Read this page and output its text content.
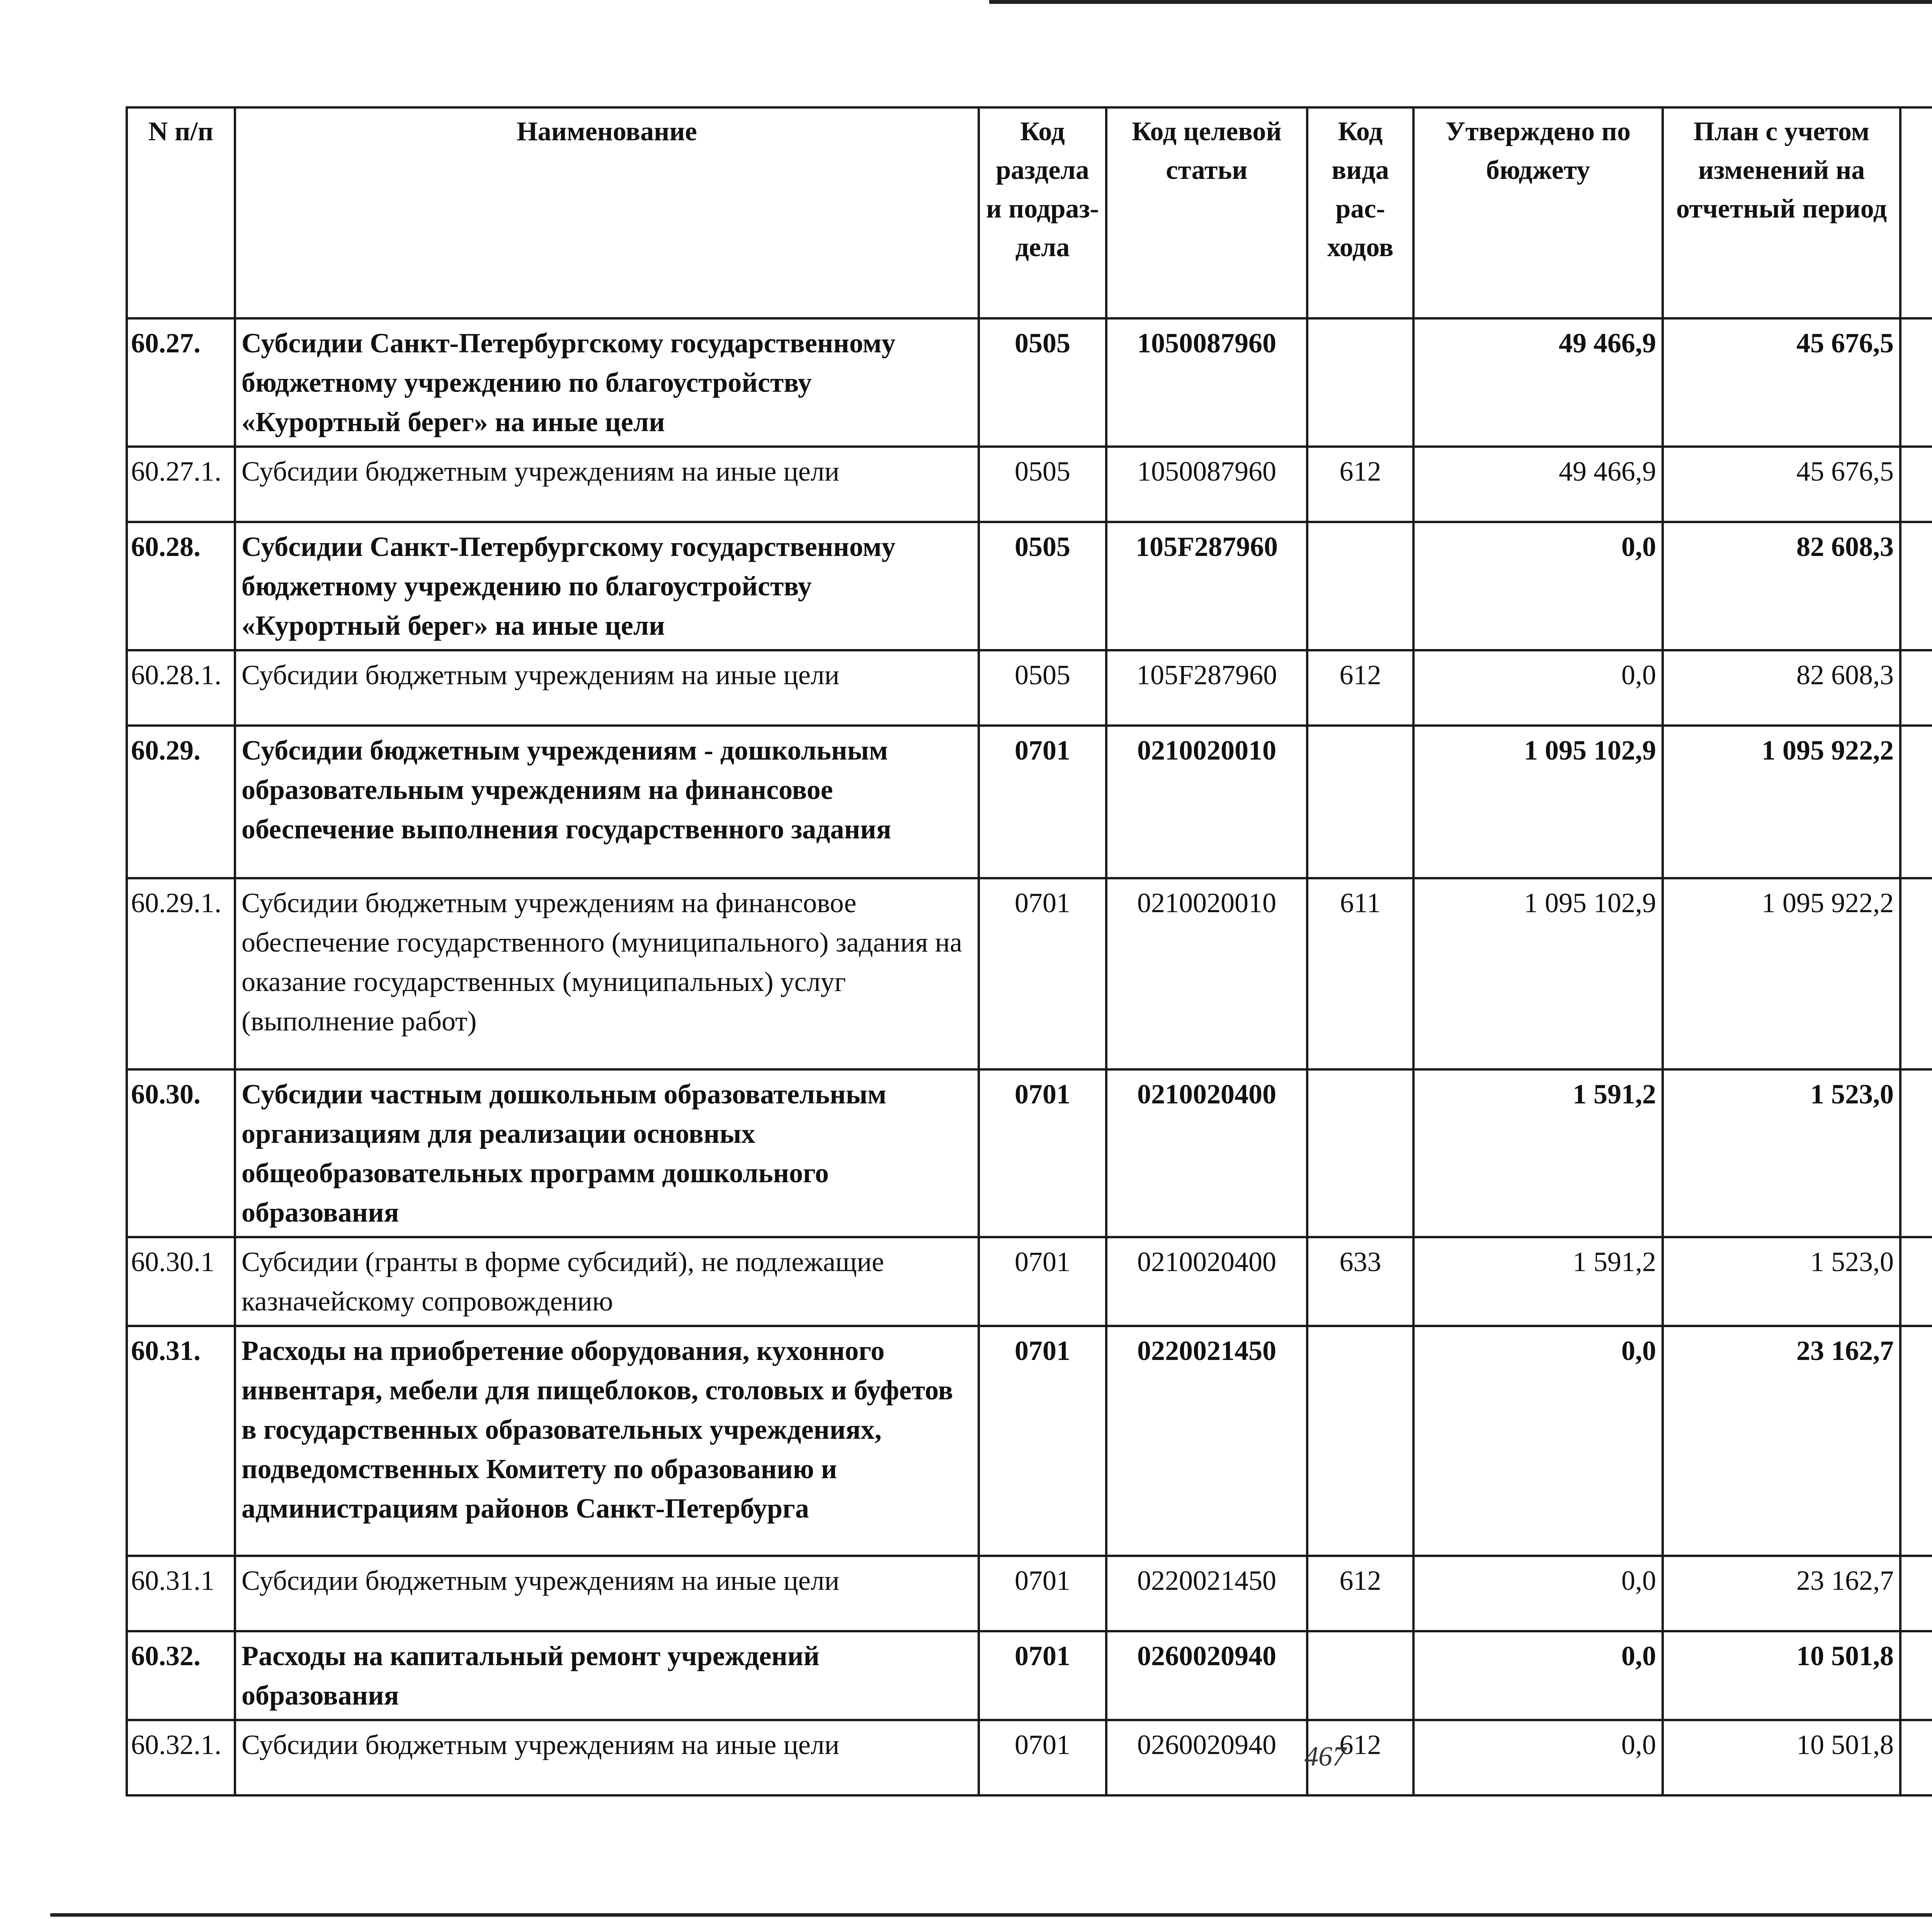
N п/п	Наименование	Код раздела и подраз- дела	Код целевой статьи	Код вида рас- ходов	Утверждено по бюджету	План с учетом изменений на отчетный период		

60.27.	Субсидии Санкт-Петербургскому государственному бюджетному учреждению по благоустройству «Курортный берег» на иные цели	0505	1050087960		49 466,9	45 676,5			
60.27.1.	Субсидии бюджетным учреждениям на иные цели	0505	1050087960	612	49 466,9	45 676,5			
60.28.	Субсидии Санкт-Петербургскому государственному бюджетному учреждению по благоустройству «Курортный берег» на иные цели	0505	105F287960		0,0	82 608,3			
60.28.1.	Субсидии бюджетным учреждениям на иные цели	0505	105F287960	612	0,0	82 608,3			
60.29.	Субсидии бюджетным учреждениям - дошкольным образовательным учреждениям на финансовое обеспечение выполнения государственного задания	0701	0210020010		1 095 102,9	1 095 922,2			
60.29.1.	Субсидии бюджетным учреждениям на финансовое обеспечение государственного (муниципального) задания на оказание государственных (муниципальных) услуг (выполнение работ)	0701	0210020010	611	1 095 102,9	1 095 922,2			
60.30.	Субсидии частным дошкольным образовательным организациям для реализации основных общеобразовательных программ дошкольного образования	0701	0210020400		1 591,2	1 523,0			
60.30.1	Субсидии (гранты в форме субсидий), не подлежащие казначейскому сопровождению	0701	0210020400	633	1 591,2	1 523,0			
60.31.	Расходы на приобретение оборудования, кухонного инвентаря, мебели для пищеблоков, столовых и буфетов в государственных образовательных учреждениях, подведомственных Комитету по образованию и администрациям районов Санкт-Петербурга	0701	0220021450		0,0	23 162,7			
60.31.1	Субсидии бюджетным учреждениям на иные цели	0701	0220021450	612	0,0	23 162,7			
60.32.	Расходы на капитальный ремонт учреждений образования	0701	0260020940		0,0	10 501,8			
60.32.1.	Субсидии бюджетным учреждениям на иные цели	0701	0260020940	612	0,0	10 501,8			
467
